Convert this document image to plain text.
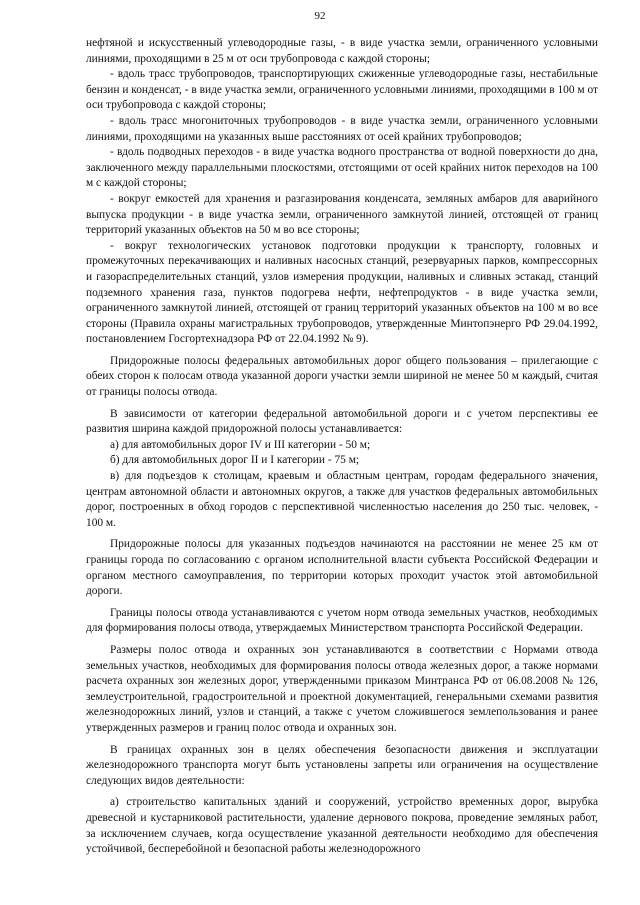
92

нефтяной и искусственный углеводородные газы, - в виде участка земли, ограниченного условными линиями, проходящими в 25 м от оси трубопровода с каждой стороны;

- вдоль трасс трубопроводов, транспортирующих сжиженные углеводородные газы, нестабильные бензин и конденсат, - в виде участка земли, ограниченного условными линиями, проходящими в 100 м от оси трубопровода с каждой стороны;

- вдоль трасс многониточных трубопроводов - в виде участка земли, ограниченного условными линиями, проходящими на указанных выше расстояниях от осей крайних трубопроводов;

- вдоль подводных переходов - в виде участка водного пространства от водной поверхности до дна, заключенного между параллельными плоскостями, отстоящими от осей крайних ниток переходов на 100 м с каждой стороны;

- вокруг емкостей для хранения и разгазирования конденсата, земляных амбаров для аварийного выпуска продукции - в виде участка земли, ограниченного замкнутой линией, отстоящей от границ территорий указанных объектов на 50 м во все стороны;

- вокруг технологических установок подготовки продукции к транспорту, головных и промежуточных перекачивающих и наливных насосных станций, резервуарных парков, компрессорных и газораспределительных станций, узлов измерения продукции, наливных и сливных эстакад, станций подземного хранения газа, пунктов подогрева нефти, нефтепродуктов - в виде участка земли, ограниченного замкнутой линией, отстоящей от границ территорий указанных объектов на 100 м во все стороны (Правила охраны магистральных трубопроводов, утвержденные Минтопэнерго РФ 29.04.1992, постановлением Госгортехнадзора РФ от 22.04.1992 № 9).

Придорожные полосы федеральных автомобильных дорог общего пользования – прилегающие с обеих сторон к полосам отвода указанной дороги участки земли шириной не менее 50 м каждый, считая от границы полосы отвода.

В зависимости от категории федеральной автомобильной дороги и с учетом перспективы ее развития ширина каждой придорожной полосы устанавливается:

а) для автомобильных дорог IV и III категории - 50 м;

б) для автомобильных дорог II и I категории - 75 м;

в) для подъездов к столицам, краевым и областным центрам, городам федерального значения, центрам автономной области и автономных округов, а также для участков федеральных автомобильных дорог, построенных в обход городов с перспективной численностью населения до 250 тыс. человек, - 100 м.

Придорожные полосы для указанных подъездов начинаются на расстоянии не менее 25 км от границы города по согласованию с органом исполнительной власти субъекта Российской Федерации и органом местного самоуправления, по территории которых проходит участок этой автомобильной дороги.

Границы полосы отвода устанавливаются с учетом норм отвода земельных участков, необходимых для формирования полосы отвода, утверждаемых Министерством транспорта Российской Федерации.

Размеры полос отвода и охранных зон устанавливаются в соответствии с Нормами отвода земельных участков, необходимых для формирования полосы отвода железных дорог, а также нормами расчета охранных зон железных дорог, утвержденными приказом Минтранса РФ от 06.08.2008 № 126, землеустроительной, градостроительной и проектной документацией, генеральными схемами развития железнодорожных линий, узлов и станций, а также с учетом сложившегося землепользования и ранее утвержденных размеров и границ полос отвода и охранных зон.

В границах охранных зон в целях обеспечения безопасности движения и эксплуатации железнодорожного транспорта могут быть установлены запреты или ограничения на осуществление следующих видов деятельности:

а) строительство капитальных зданий и сооружений, устройство временных дорог, вырубка древесной и кустарниковой растительности, удаление дернового покрова, проведение земляных работ, за исключением случаев, когда осуществление указанной деятельности необходимо для обеспечения устойчивой, бесперебойной и безопасной работы железнодорожного
